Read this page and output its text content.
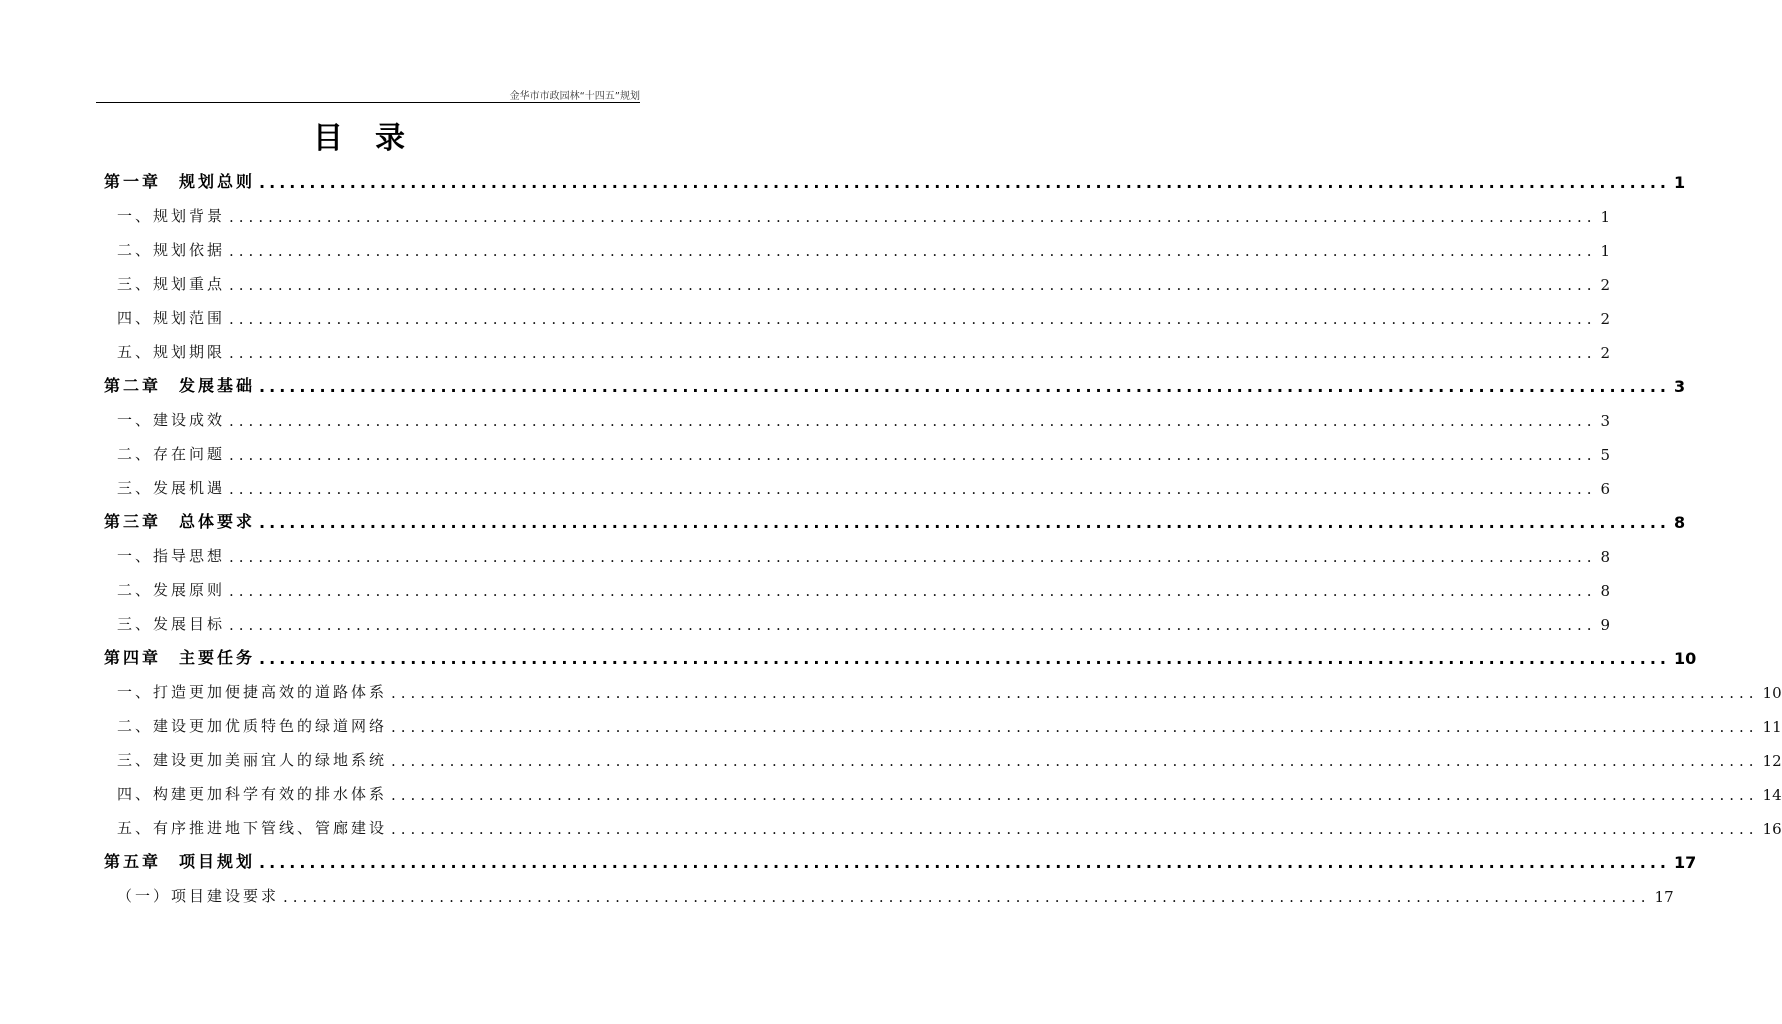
金华市市政园林“十四五”规划
目 录
第一章 规划总则 ............................................................................................................................................ 1
一、规划背景 ............................................................................................................................................ 1
二、规划依据 ............................................................................................................................................ 1
三、规划重点 ............................................................................................................................................ 2
四、规划范围 ............................................................................................................................................ 2
五、规划期限 ............................................................................................................................................ 2
第二章 发展基础 ............................................................................................................................................ 3
一、建设成效 ............................................................................................................................................ 3
二、存在问题 ............................................................................................................................................ 5
三、发展机遇 ............................................................................................................................................ 6
第三章 总体要求 ............................................................................................................................................ 8
一、指导思想 ............................................................................................................................................ 8
二、发展原则 ............................................................................................................................................ 8
三、发展目标 ............................................................................................................................................ 9
第四章 主要任务 ............................................................................................................................................ 10
一、打造更加便捷高效的道路体系 ............................................................................................................................................ 10
二、建设更加优质特色的绿道网络 ............................................................................................................................................ 11
三、建设更加美丽宜人的绿地系统 ............................................................................................................................................ 12
四、构建更加科学有效的排水体系 ............................................................................................................................................ 14
五、有序推进地下管线、管廊建设 ............................................................................................................................................ 16
第五章 项目规划 ............................................................................................................................................ 17
（一）项目建设要求 ............................................................................................................................................ 17
